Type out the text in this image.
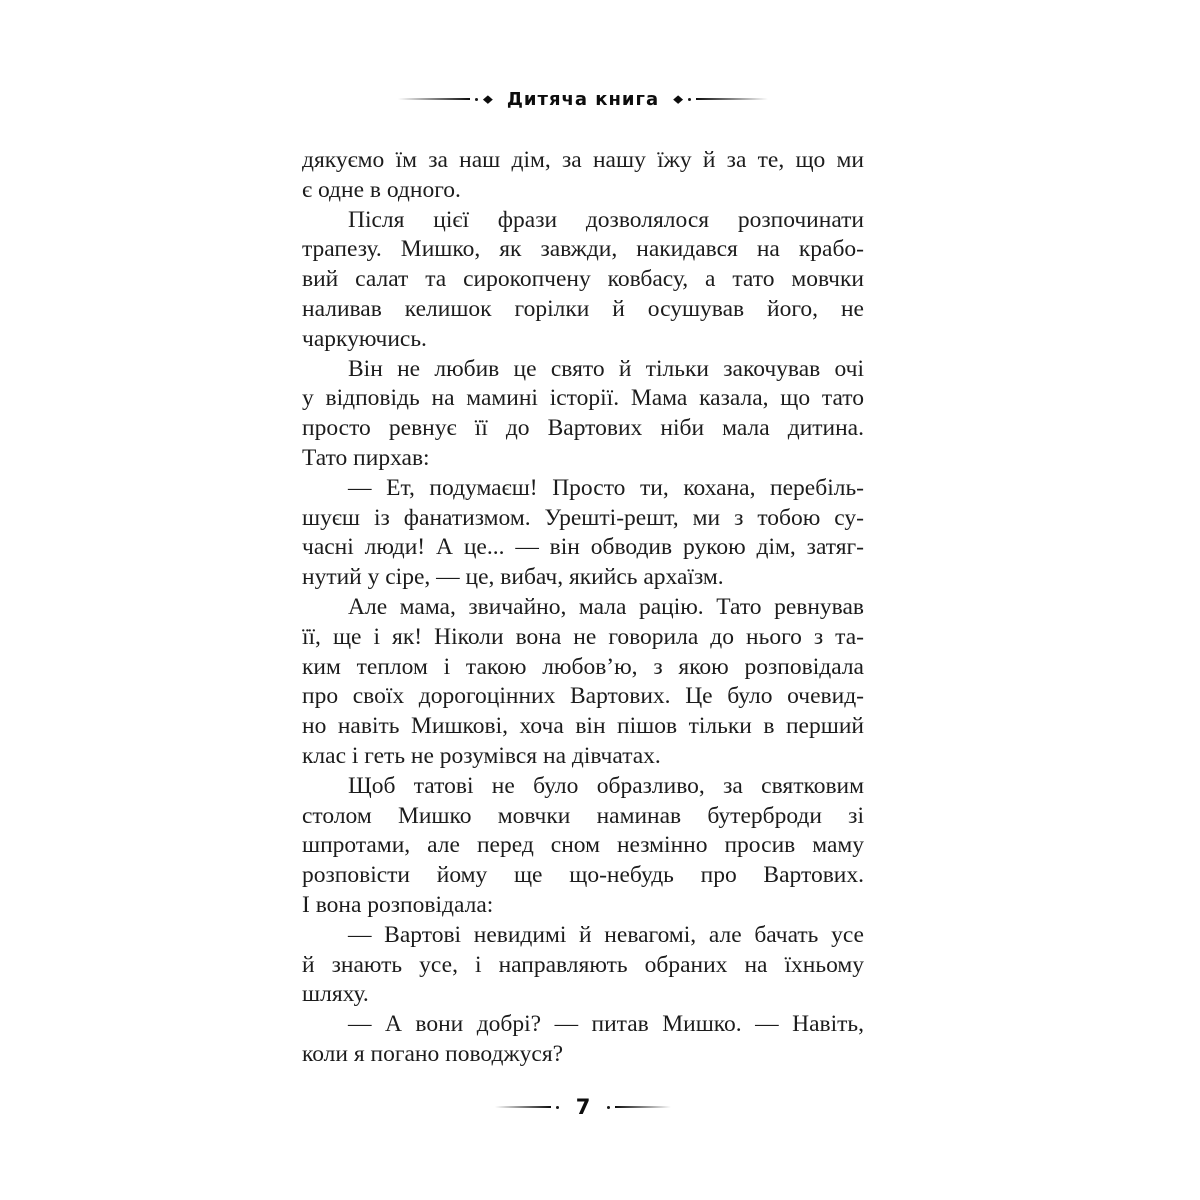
◆ Дитяча книга ◆
дякуємо їм за наш дім, за нашу їжу й за те, що ми
є одне в одного.
Після цієї фрази дозволялося розпочинати
трапезу. Мишко, як завжди, накидався на крабо-
вий салат та сирокопчену ковбасу, а тато мовчки
наливав келишок горілки й осушував його, не
чаркуючись.
Він не любив це свято й тільки закочував очі
у відповідь на мамині історії. Мама казала, що тато
просто ревнує її до Вартових ніби мала дитина.
Тато пирхав:
— Ет, подумаєш! Просто ти, кохана, перебіль-
шуєш із фанатизмом. Урешті-решт, ми з тобою су-
часні люди! А це... — він обводив рукою дім, затяг-
нутий у сіре, — це, вибач, якийсь архаїзм.
Але мама, звичайно, мала рацію. Тато ревнував
її, ще і як! Ніколи вона не говорила до нього з та-
ким теплом і такою любов’ю, з якою розповідала
про своїх дорогоцінних Вартових. Це було очевид-
но навіть Мишкові, хоча він пішов тільки в перший
клас і геть не розумівся на дівчатах.
Щоб татові не було образливо, за святковим
столом Мишко мовчки наминав бутерброди зі
шпротами, але перед сном незмінно просив маму
розповісти йому ще що-небудь про Вартових.
І вона розповідала:
— Вартові невидимі й невагомі, але бачать усе
й знають усе, і направляють обраних на їхньому
шляху.
— А вони добрі? — питав Мишко. — Навіть,
коли я погано поводжуся?
7
